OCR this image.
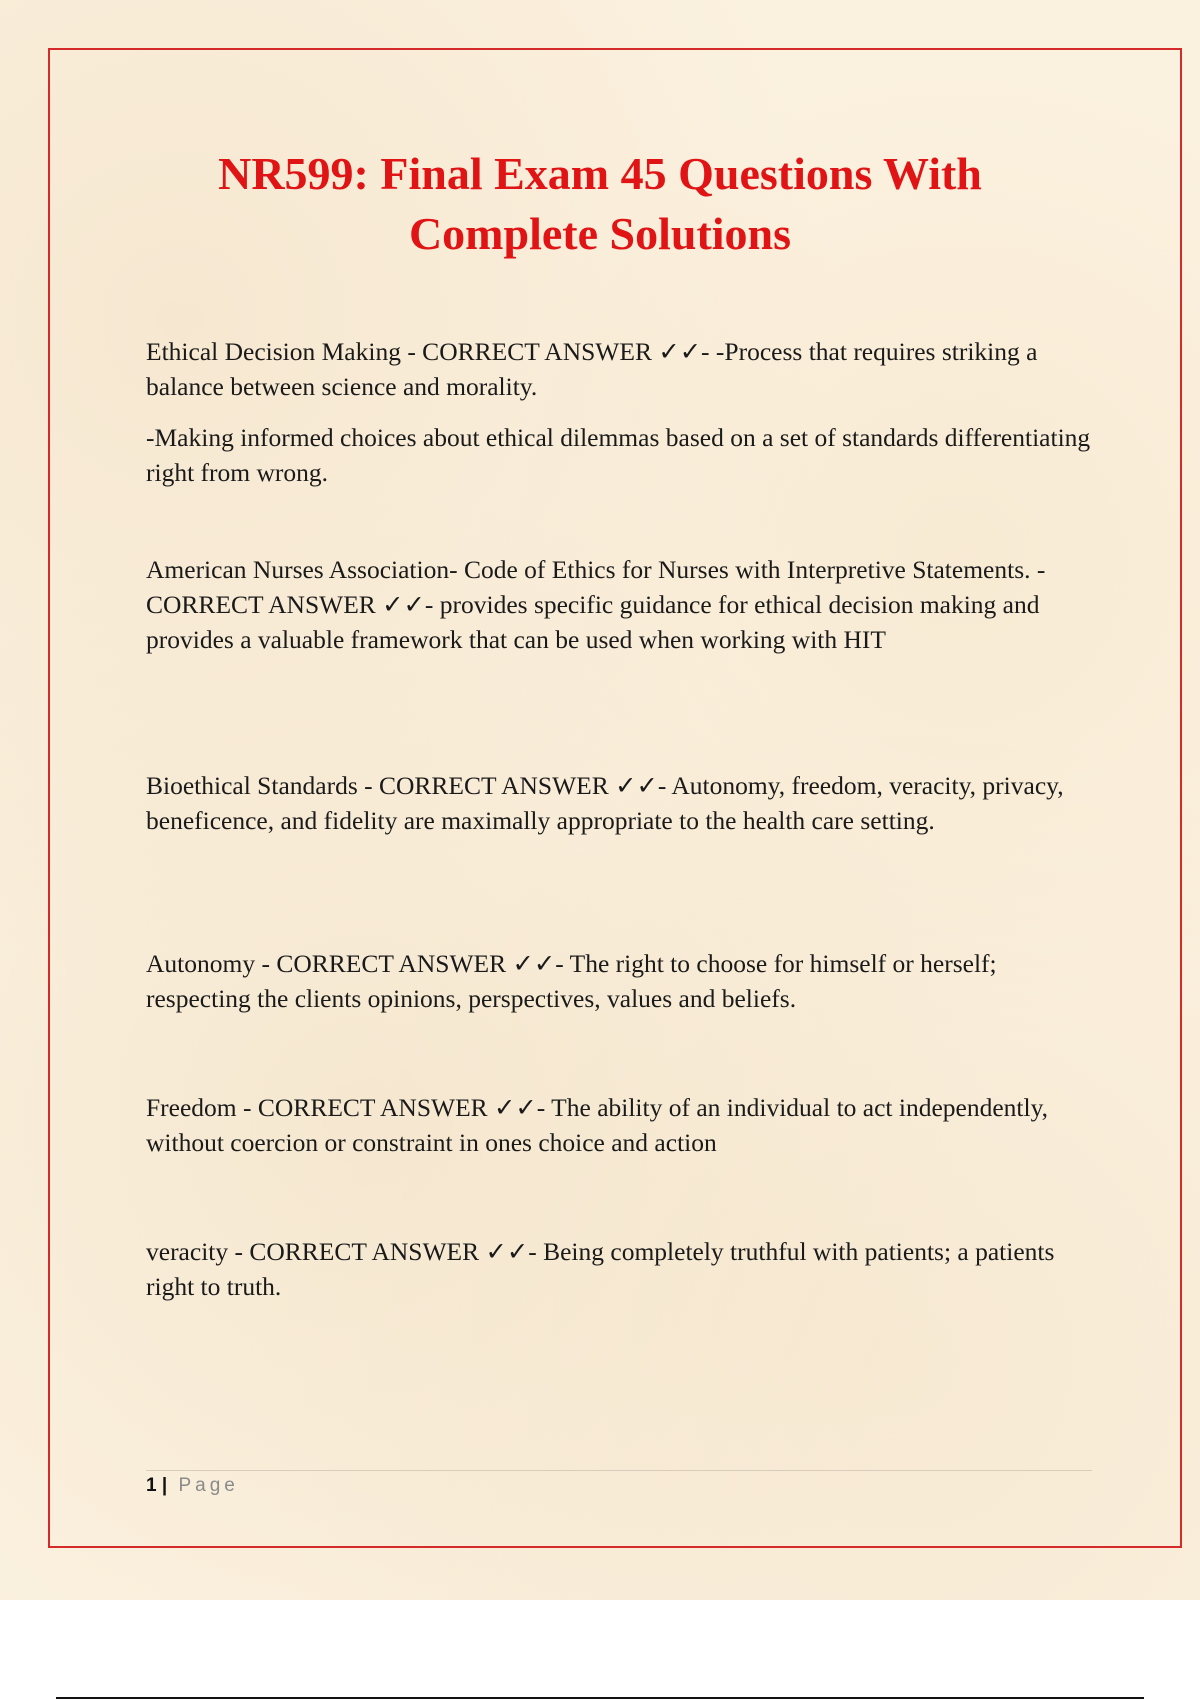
NR599: Final Exam 45 Questions With
Complete Solutions

Ethical Decision Making - CORRECT ANSWER ✓✓- -Process that requires striking a balance between science and morality.

-Making informed choices about ethical dilemmas based on a set of standards differentiating right from wrong.

American Nurses Association- Code of Ethics for Nurses with Interpretive Statements. - CORRECT ANSWER ✓✓- provides specific guidance for ethical decision making and provides a valuable framework that can be used when working with HIT

Bioethical Standards - CORRECT ANSWER ✓✓- Autonomy, freedom, veracity, privacy, beneficence, and fidelity are maximally appropriate to the health care setting.

Autonomy - CORRECT ANSWER ✓✓- The right to choose for himself or herself; respecting the clients opinions, perspectives, values and beliefs.

Freedom - CORRECT ANSWER ✓✓- The ability of an individual to act independently, without coercion or constraint in ones choice and action

veracity - CORRECT ANSWER ✓✓- Being completely truthful with patients; a patients right to truth.

1 | Page
